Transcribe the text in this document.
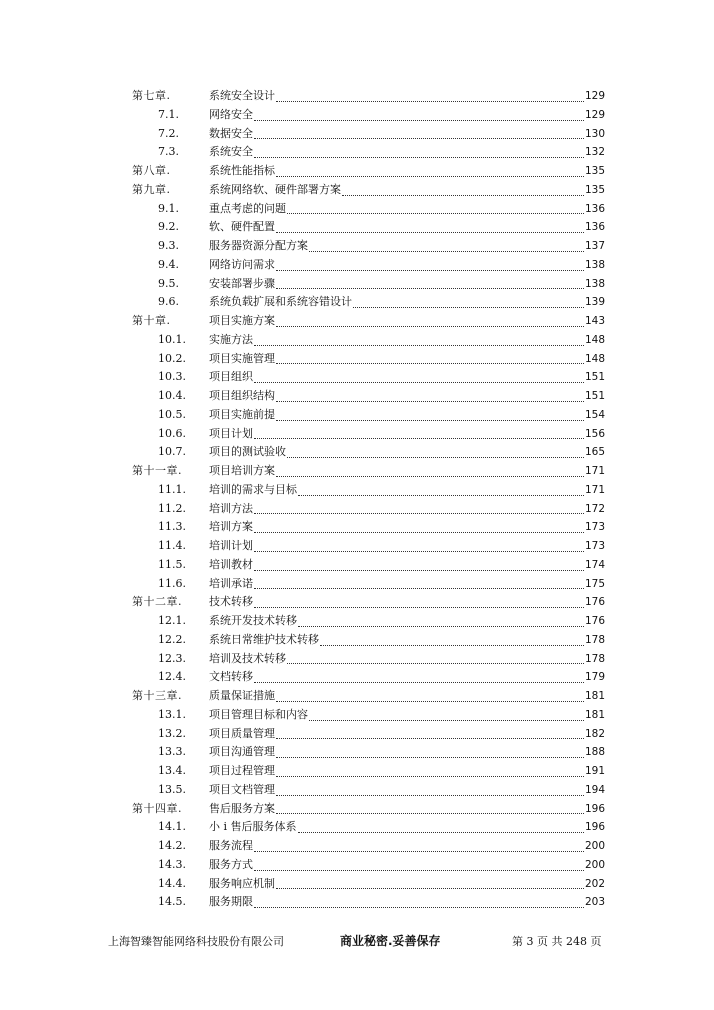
第七章.	系统安全设计	129
7.1.	网络安全	129
7.2.	数据安全	130
7.3.	系统安全	132
第八章.	系统性能指标	135
第九章.	系统网络软、硬件部署方案	135
9.1.	重点考虑的问题	136
9.2.	软、硬件配置	136
9.3.	服务器资源分配方案	137
9.4.	网络访问需求	138
9.5.	安装部署步骤	138
9.6.	系统负载扩展和系统容错设计	139
第十章.	项目实施方案	143
10.1. 实施方法	148
10.2. 项目实施管理	148
10.3. 项目组织	151
10.4. 项目组织结构	151
10.5. 项目实施前提	154
10.6. 项目计划	156
10.7. 项目的测试验收	165
第十一章. 项目培训方案	171
11.1. 培训的需求与目标	171
11.2. 培训方法	172
11.3. 培训方案	173
11.4. 培训计划	173
11.5. 培训教材	174
11.6. 培训承诺	175
第十二章. 技术转移	176
12.1. 系统开发技术转移	176
12.2. 系统日常维护技术转移	178
12.3. 培训及技术转移	178
12.4. 文档转移	179
第十三章. 质量保证措施	181
13.1. 项目管理目标和内容	181
13.2. 项目质量管理	182
13.3. 项目沟通管理	188
13.4. 项目过程管理	191
13.5. 项目文档管理	194
第十四章. 售后服务方案	196
14.1. 小 i 售后服务体系	196
14.2. 服务流程	200
14.3. 服务方式	200
14.4. 服务响应机制	202
14.5. 服务期限	203
上海智臻智能网络科技股份有限公司	商业秘密.妥善保存	第 3 页 共 248 页
